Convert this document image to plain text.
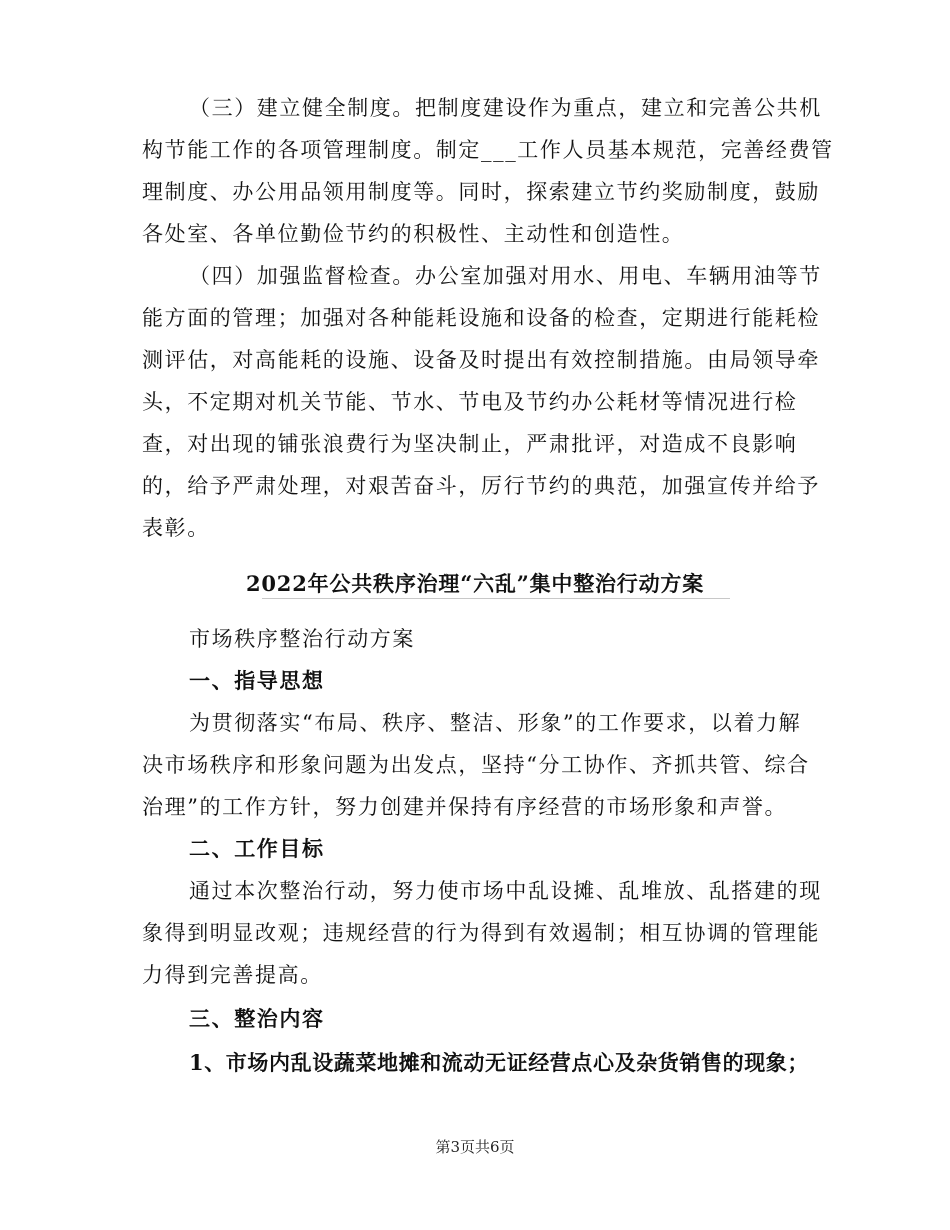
（三）建立健全制度。把制度建设作为重点，建立和完善公共机
构节能工作的各项管理制度。制定___工作人员基本规范，完善经费管
理制度、办公用品领用制度等。同时，探索建立节约奖励制度，鼓励
各处室、各单位勤俭节约的积极性、主动性和创造性。
（四）加强监督检查。办公室加强对用水、用电、车辆用油等节
能方面的管理；加强对各种能耗设施和设备的检查，定期进行能耗检
测评估，对高能耗的设施、设备及时提出有效控制措施。由局领导牵
头，不定期对机关节能、节水、节电及节约办公耗材等情况进行检
查，对出现的铺张浪费行为坚决制止，严肃批评，对造成不良影响
的，给予严肃处理，对艰苦奋斗，厉行节约的典范，加强宣传并给予
表彰。
2022年公共秩序治理“六乱”集中整治行动方案
市场秩序整治行动方案
一、指导思想
为贯彻落实“布局、秩序、整洁、形象”的工作要求，以着力解
决市场秩序和形象问题为出发点，坚持“分工协作、齐抓共管、综合
治理”的工作方针，努力创建并保持有序经营的市场形象和声誉。
二、工作目标
通过本次整治行动，努力使市场中乱设摊、乱堆放、乱搭建的现
象得到明显改观；违规经营的行为得到有效遏制；相互协调的管理能
力得到完善提高。
三、整治内容
1、市场内乱设蔬菜地摊和流动无证经营点心及杂货销售的现象；
第3页共6页
